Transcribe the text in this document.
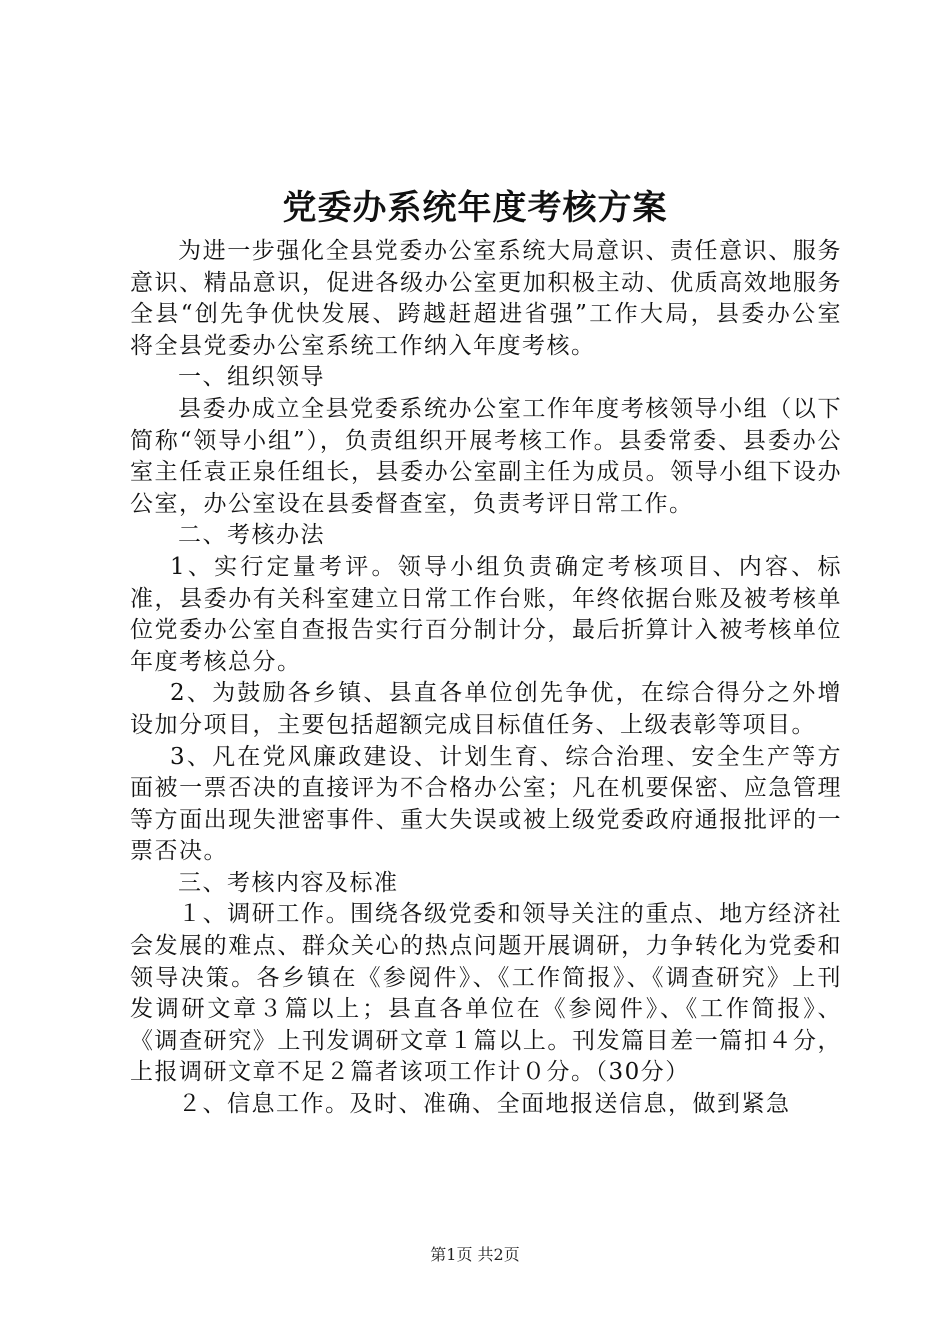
党委办系统年度考核方案

为进一步强化全县党委办公室系统大局意识、责任意识、服务意识、精品意识，促进各级办公室更加积极主动、优质高效地服务全县“创先争优快发展、跨越赶超进省强”工作大局，县委办公室将全县党委办公室系统工作纳入年度考核。

一、组织领导

县委办成立全县党委系统办公室工作年度考核领导小组（以下简称“领导小组”），负责组织开展考核工作。县委常委、县委办公室主任袁正泉任组长，县委办公室副主任为成员。领导小组下设办公室，办公室设在县委督查室，负责考评日常工作。

二、考核办法

1、实行定量考评。领导小组负责确定考核项目、内容、标准，县委办有关科室建立日常工作台账，年终依据台账及被考核单位党委办公室自查报告实行百分制计分，最后折算计入被考核单位年度考核总分。

2、为鼓励各乡镇、县直各单位创先争优，在综合得分之外增设加分项目，主要包括超额完成目标值任务、上级表彰等项目。

3、凡在党风廉政建设、计划生育、综合治理、安全生产等方面被一票否决的直接评为不合格办公室；凡在机要保密、应急管理等方面出现失泄密事件、重大失误或被上级党委政府通报批评的一票否决。

三、考核内容及标准

１、调研工作。围绕各级党委和领导关注的重点、地方经济社会发展的难点、群众关心的热点问题开展调研，力争转化为党委和领导决策。各乡镇在《参阅件》、《工作简报》、《调查研究》上刊发调研文章３篇以上；县直各单位在《参阅件》、《工作简报》、《调查研究》上刊发调研文章１篇以上。刊发篇目差一篇扣４分，上报调研文章不足２篇者该项工作计０分。（30分）

２、信息工作。及时、准确、全面地报送信息，做到紧急

第1页 共2页
